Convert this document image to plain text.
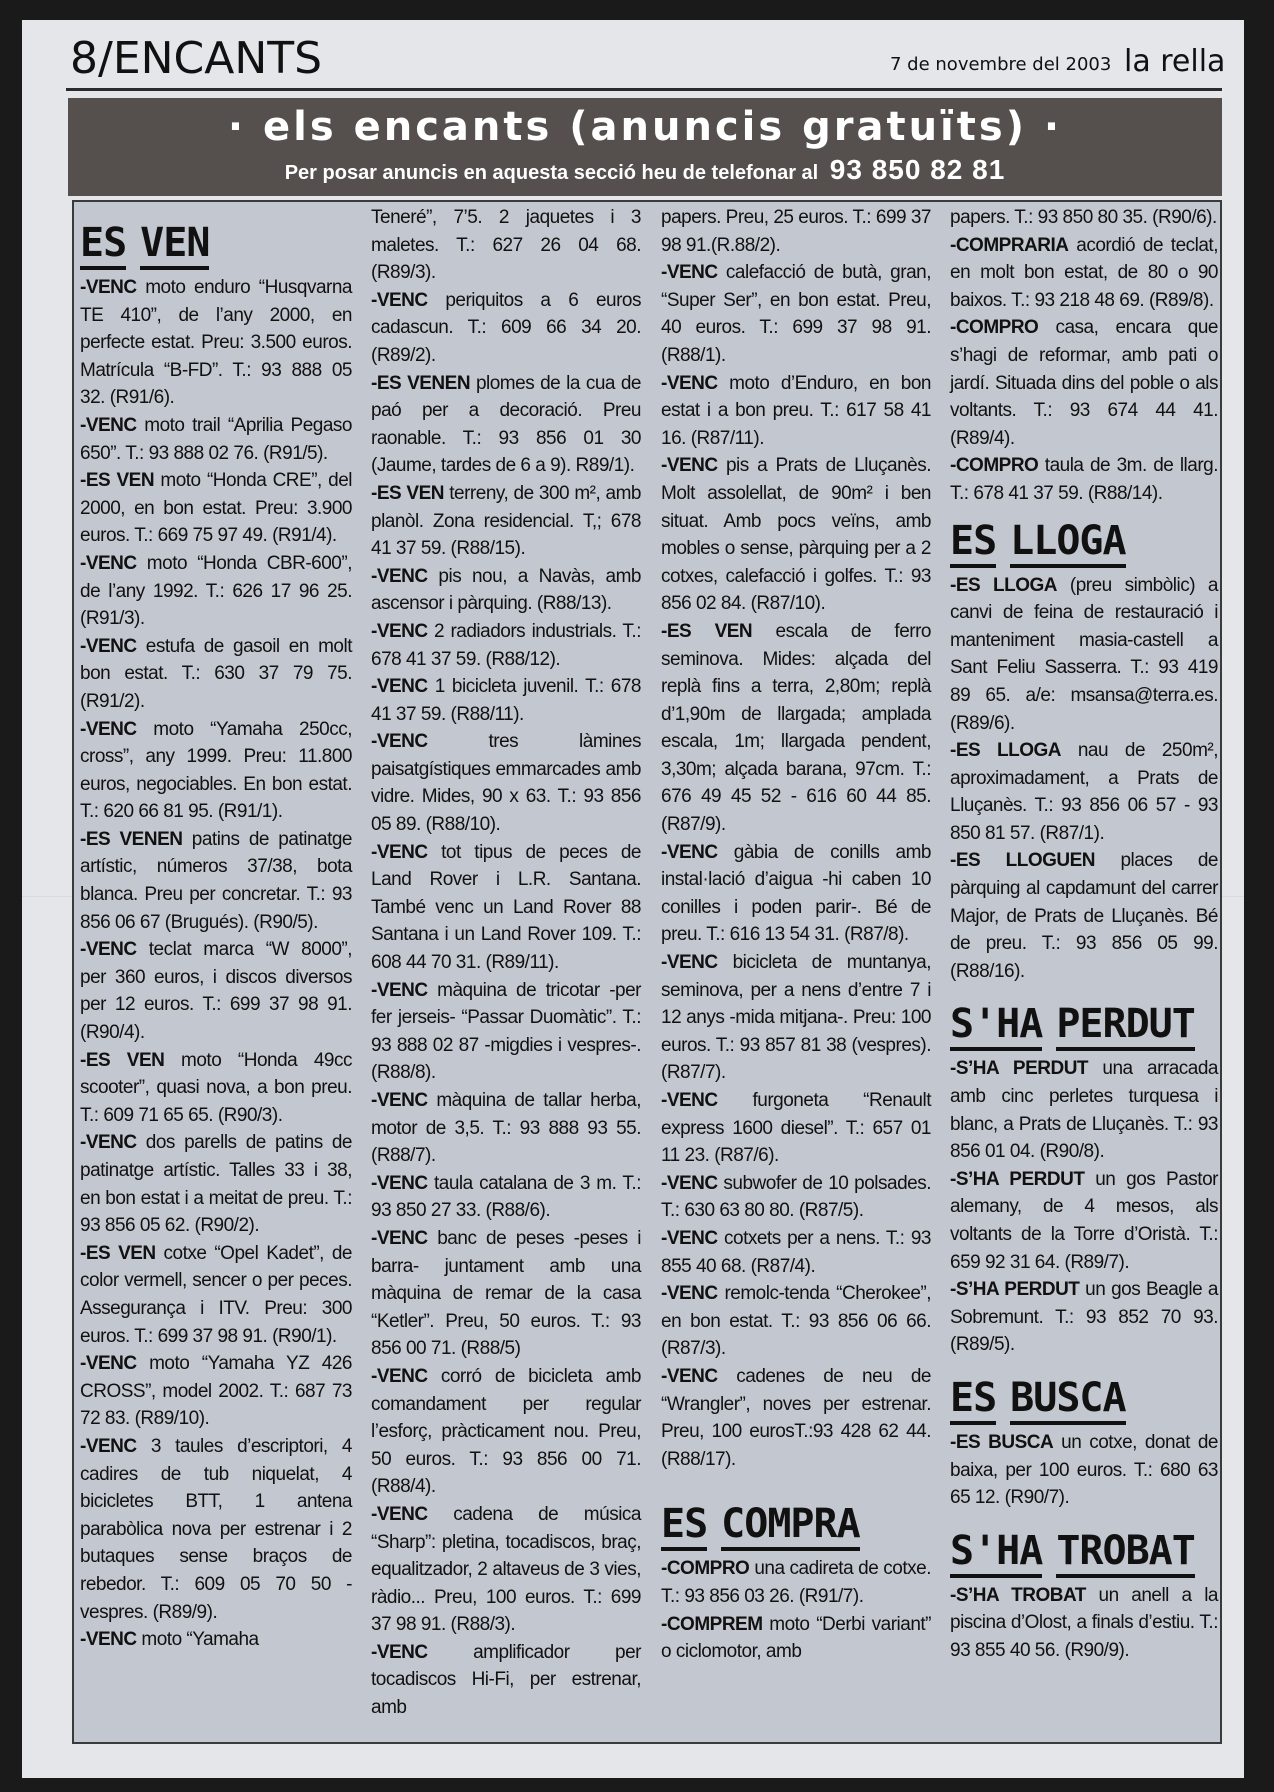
8/ENCANTS	7 de novembre del 2003 la rella
· els encants (anuncis gratuïts) ·
Per posar anuncis en aquesta secció heu de telefonar al 93 850 82 81
ES VEN

-VENC moto enduro “Husqvarna TE 410”, de l’any 2000, en perfecte estat. Preu: 3.500 euros. Matrícula “B-FD”. T.: 93 888 05 32. (R91/6).

-VENC moto trail “Aprilia Pegaso 650”. T.: 93 888 02 76. (R91/5).

-ES VEN moto “Honda CRE”, del 2000, en bon estat. Preu: 3.900 euros. T.: 669 75 97 49. (R91/4).

-VENC moto “Honda CBR-600”, de l’any 1992. T.: 626 17 96 25. (R91/3).

-VENC estufa de gasoil en molt bon estat. T.: 630 37 79 75. (R91/2).

-VENC moto “Yamaha 250cc, cross”, any 1999. Preu: 11.800 euros, negociables. En bon estat. T.: 620 66 81 95. (R91/1).

-ES VENEN patins de patinatge artístic, números 37/38, bota blanca. Preu per concretar. T.: 93 856 06 67 (Brugués). (R90/5).

-VENC teclat marca “W 8000”, per 360 euros, i discos diversos per 12 euros. T.: 699 37 98 91. (R90/4).

-ES VEN moto “Honda 49cc scooter”, quasi nova, a bon preu. T.: 609 71 65 65. (R90/3).

-VENC dos parells de patins de patinatge artístic. Talles 33 i 38, en bon estat i a meitat de preu. T.: 93 856 05 62. (R90/2).

-ES VEN cotxe “Opel Kadet”, de color vermell, sencer o per peces. Assegurança i ITV. Preu: 300 euros. T.: 699 37 98 91. (R90/1).

-VENC moto “Yamaha YZ 426 CROSS”, model 2002. T.: 687 73 72 83. (R89/10).

-VENC 3 taules d’escriptori, 4 cadires de tub niquelat, 4 bicicletes BTT, 1 antena parabòlica nova per estrenar i 2 butaques sense braços de rebedor. T.: 609 05 70 50 -vespres. (R89/9).

-VENC moto “Yamaha

Teneré”, 7’5. 2 jaquetes i 3 maletes. T.: 627 26 04 68. (R89/3).

-VENC periquitos a 6 euros cadascun. T.: 609 66 34 20. (R89/2).

-ES VENEN plomes de la cua de paó per a decoració. Preu raonable. T.: 93 856 01 30 (Jaume, tardes de 6 a 9). R89/1).

-ES VEN terreny, de 300 m², amb planòl. Zona residencial. T,; 678 41 37 59. (R88/15).

-VENC pis nou, a Navàs, amb ascensor i pàrquing. (R88/13).

-VENC 2 radiadors industrials. T.: 678 41 37 59. (R88/12).

-VENC 1 bicicleta juvenil. T.: 678 41 37 59. (R88/11).

-VENC tres làmines paisatgístiques emmarcades amb vidre. Mides, 90 x 63. T.: 93 856 05 89. (R88/10).

-VENC tot tipus de peces de Land Rover i L.R. Santana. També venc un Land Rover 88 Santana i un Land Rover 109. T.: 608 44 70 31. (R89/11).

-VENC màquina de tricotar -per fer jerseis- “Passar Duomàtic”. T.: 93 888 02 87 -migdies i vespres-. (R88/8).

-VENC màquina de tallar herba, motor de 3,5. T.: 93 888 93 55. (R88/7).

-VENC taula catalana de 3 m. T.: 93 850 27 33. (R88/6).

-VENC banc de peses -peses i barra- juntament amb una màquina de remar de la casa “Ketler”. Preu, 50 euros. T.: 93 856 00 71. (R88/5)

-VENC corró de bicicleta amb comandament per regular l’esforç, pràcticament nou. Preu, 50 euros. T.: 93 856 00 71. (R88/4).

-VENC cadena de música “Sharp”: pletina, tocadiscos, braç, equalitzador, 2 altaveus de 3 vies, ràdio... Preu, 100 euros. T.: 699 37 98 91. (R88/3).

-VENC amplificador per tocadiscos Hi-Fi, per estrenar, amb

papers. Preu, 25 euros. T.: 699 37 98 91.(R.88/2).

-VENC calefacció de butà, gran, “Super Ser”, en bon estat. Preu, 40 euros. T.: 699 37 98 91. (R88/1).

-VENC moto d’Enduro, en bon estat i a bon preu. T.: 617 58 41 16. (R87/11).

-VENC pis a Prats de Lluçanès. Molt assolellat, de 90m² i ben situat. Amb pocs veïns, amb mobles o sense, pàrquing per a 2 cotxes, calefacció i golfes. T.: 93 856 02 84. (R87/10).

-ES VEN escala de ferro seminova. Mides: alçada del replà fins a terra, 2,80m; replà d’1,90m de llargada; amplada escala, 1m; llargada pendent, 3,30m; alçada barana, 97cm. T.: 676 49 45 52 - 616 60 44 85. (R87/9).

-VENC gàbia de conills amb instal·lació d’aigua -hi caben 10 conilles i poden parir-. Bé de preu. T.: 616 13 54 31. (R87/8).

-VENC bicicleta de muntanya, seminova, per a nens d’entre 7 i 12 anys -mida mitjana-. Preu: 100 euros. T.: 93 857 81 38 (vespres). (R87/7).

-VENC furgoneta “Renault express 1600 diesel”. T.: 657 01 11 23. (R87/6).

-VENC subwofer de 10 polsades. T.: 630 63 80 80. (R87/5).

-VENC cotxets per a nens. T.: 93 855 40 68. (R87/4).

-VENC remolc-tenda “Cherokee”, en bon estat. T.: 93 856 06 66. (R87/3).

-VENC cadenes de neu de “Wrangler”, noves per estrenar. Preu, 100 eurosT.:93 428 62 44. (R88/17).

ES COMPRA

-COMPRO una cadireta de cotxe. T.: 93 856 03 26. (R91/7).

-COMPREM moto “Derbi variant” o ciclomotor, amb

papers. T.: 93 850 80 35. (R90/6).

-COMPRARIA acordió de teclat, en molt bon estat, de 80 o 90 baixos. T.: 93 218 48 69. (R89/8).

-COMPRO casa, encara que s’hagi de reformar, amb pati o jardí. Situada dins del poble o als voltants. T.: 93 674 44 41. (R89/4).

-COMPRO taula de 3m. de llarg. T.: 678 41 37 59. (R88/14).

ES LLOGA

-ES LLOGA (preu simbòlic) a canvi de feina de restauració i manteniment masia-castell a Sant Feliu Sasserra. T.: 93 419 89 65. a/e: msansa@terra.es. (R89/6).

-ES LLOGA nau de 250m², aproximadament, a Prats de Lluçanès. T.: 93 856 06 57 - 93 850 81 57. (R87/1).

-ES LLOGUEN places de pàrquing al capdamunt del carrer Major, de Prats de Lluçanès. Bé de preu. T.: 93 856 05 99. (R88/16).

S'HA PERDUT

-S’HA PERDUT una arracada amb cinc perletes turquesa i blanc, a Prats de Lluçanès. T.: 93 856 01 04. (R90/8).

-S’HA PERDUT un gos Pastor alemany, de 4 mesos, als voltants de la Torre d’Oristà. T.: 659 92 31 64. (R89/7).

-S’HA PERDUT un gos Beagle a Sobremunt. T.: 93 852 70 93. (R89/5).

ES BUSCA

-ES BUSCA un cotxe, donat de baixa, per 100 euros. T.: 680 63 65 12. (R90/7).

S'HA TROBAT

-S’HA TROBAT un anell a la piscina d’Olost, a finals d’estiu. T.: 93 855 40 56. (R90/9).
